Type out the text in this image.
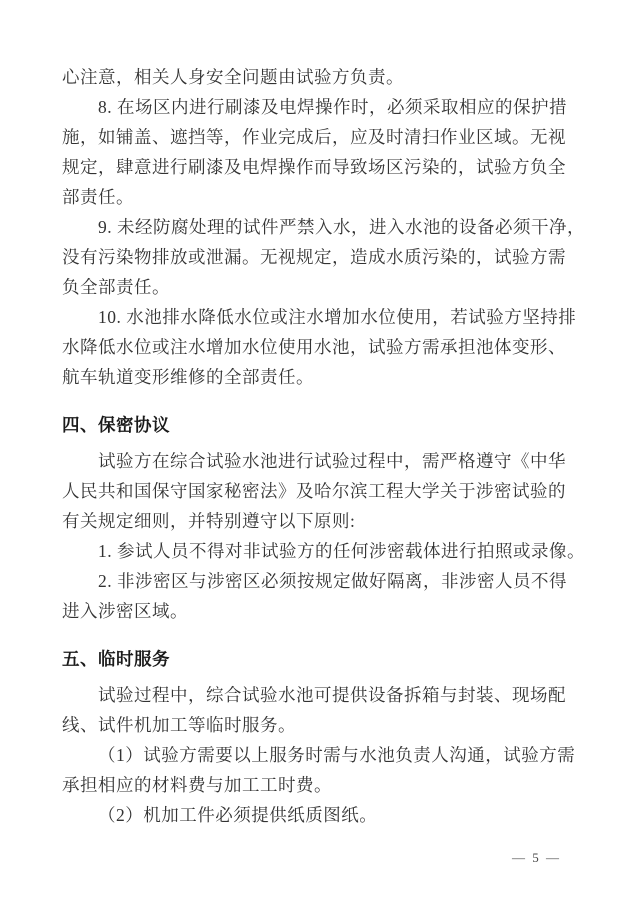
心注意，相关人身安全问题由试验方负责。
8. 在场区内进行刷漆及电焊操作时，必须采取相应的保护措
施，如铺盖、遮挡等，作业完成后，应及时清扫作业区域。无视
规定，肆意进行刷漆及电焊操作而导致场区污染的，试验方负全
部责任。
9. 未经防腐处理的试件严禁入水，进入水池的设备必须干净，
没有污染物排放或泄漏。无视规定，造成水质污染的，试验方需
负全部责任。
10. 水池排水降低水位或注水增加水位使用，若试验方坚持排
水降低水位或注水增加水位使用水池，试验方需承担池体变形、
航车轨道变形维修的全部责任。
四、保密协议
试验方在综合试验水池进行试验过程中，需严格遵守《中华
人民共和国保守国家秘密法》及哈尔滨工程大学关于涉密试验的
有关规定细则，并特别遵守以下原则:
1. 参试人员不得对非试验方的任何涉密载体进行拍照或录像。
2. 非涉密区与涉密区必须按规定做好隔离，非涉密人员不得
进入涉密区域。
五、临时服务
试验过程中，综合试验水池可提供设备拆箱与封装、现场配
线、试件机加工等临时服务。
（1）试验方需要以上服务时需与水池负责人沟通，试验方需
承担相应的材料费与加工工时费。
（2）机加工件必须提供纸质图纸。
— 5 —
